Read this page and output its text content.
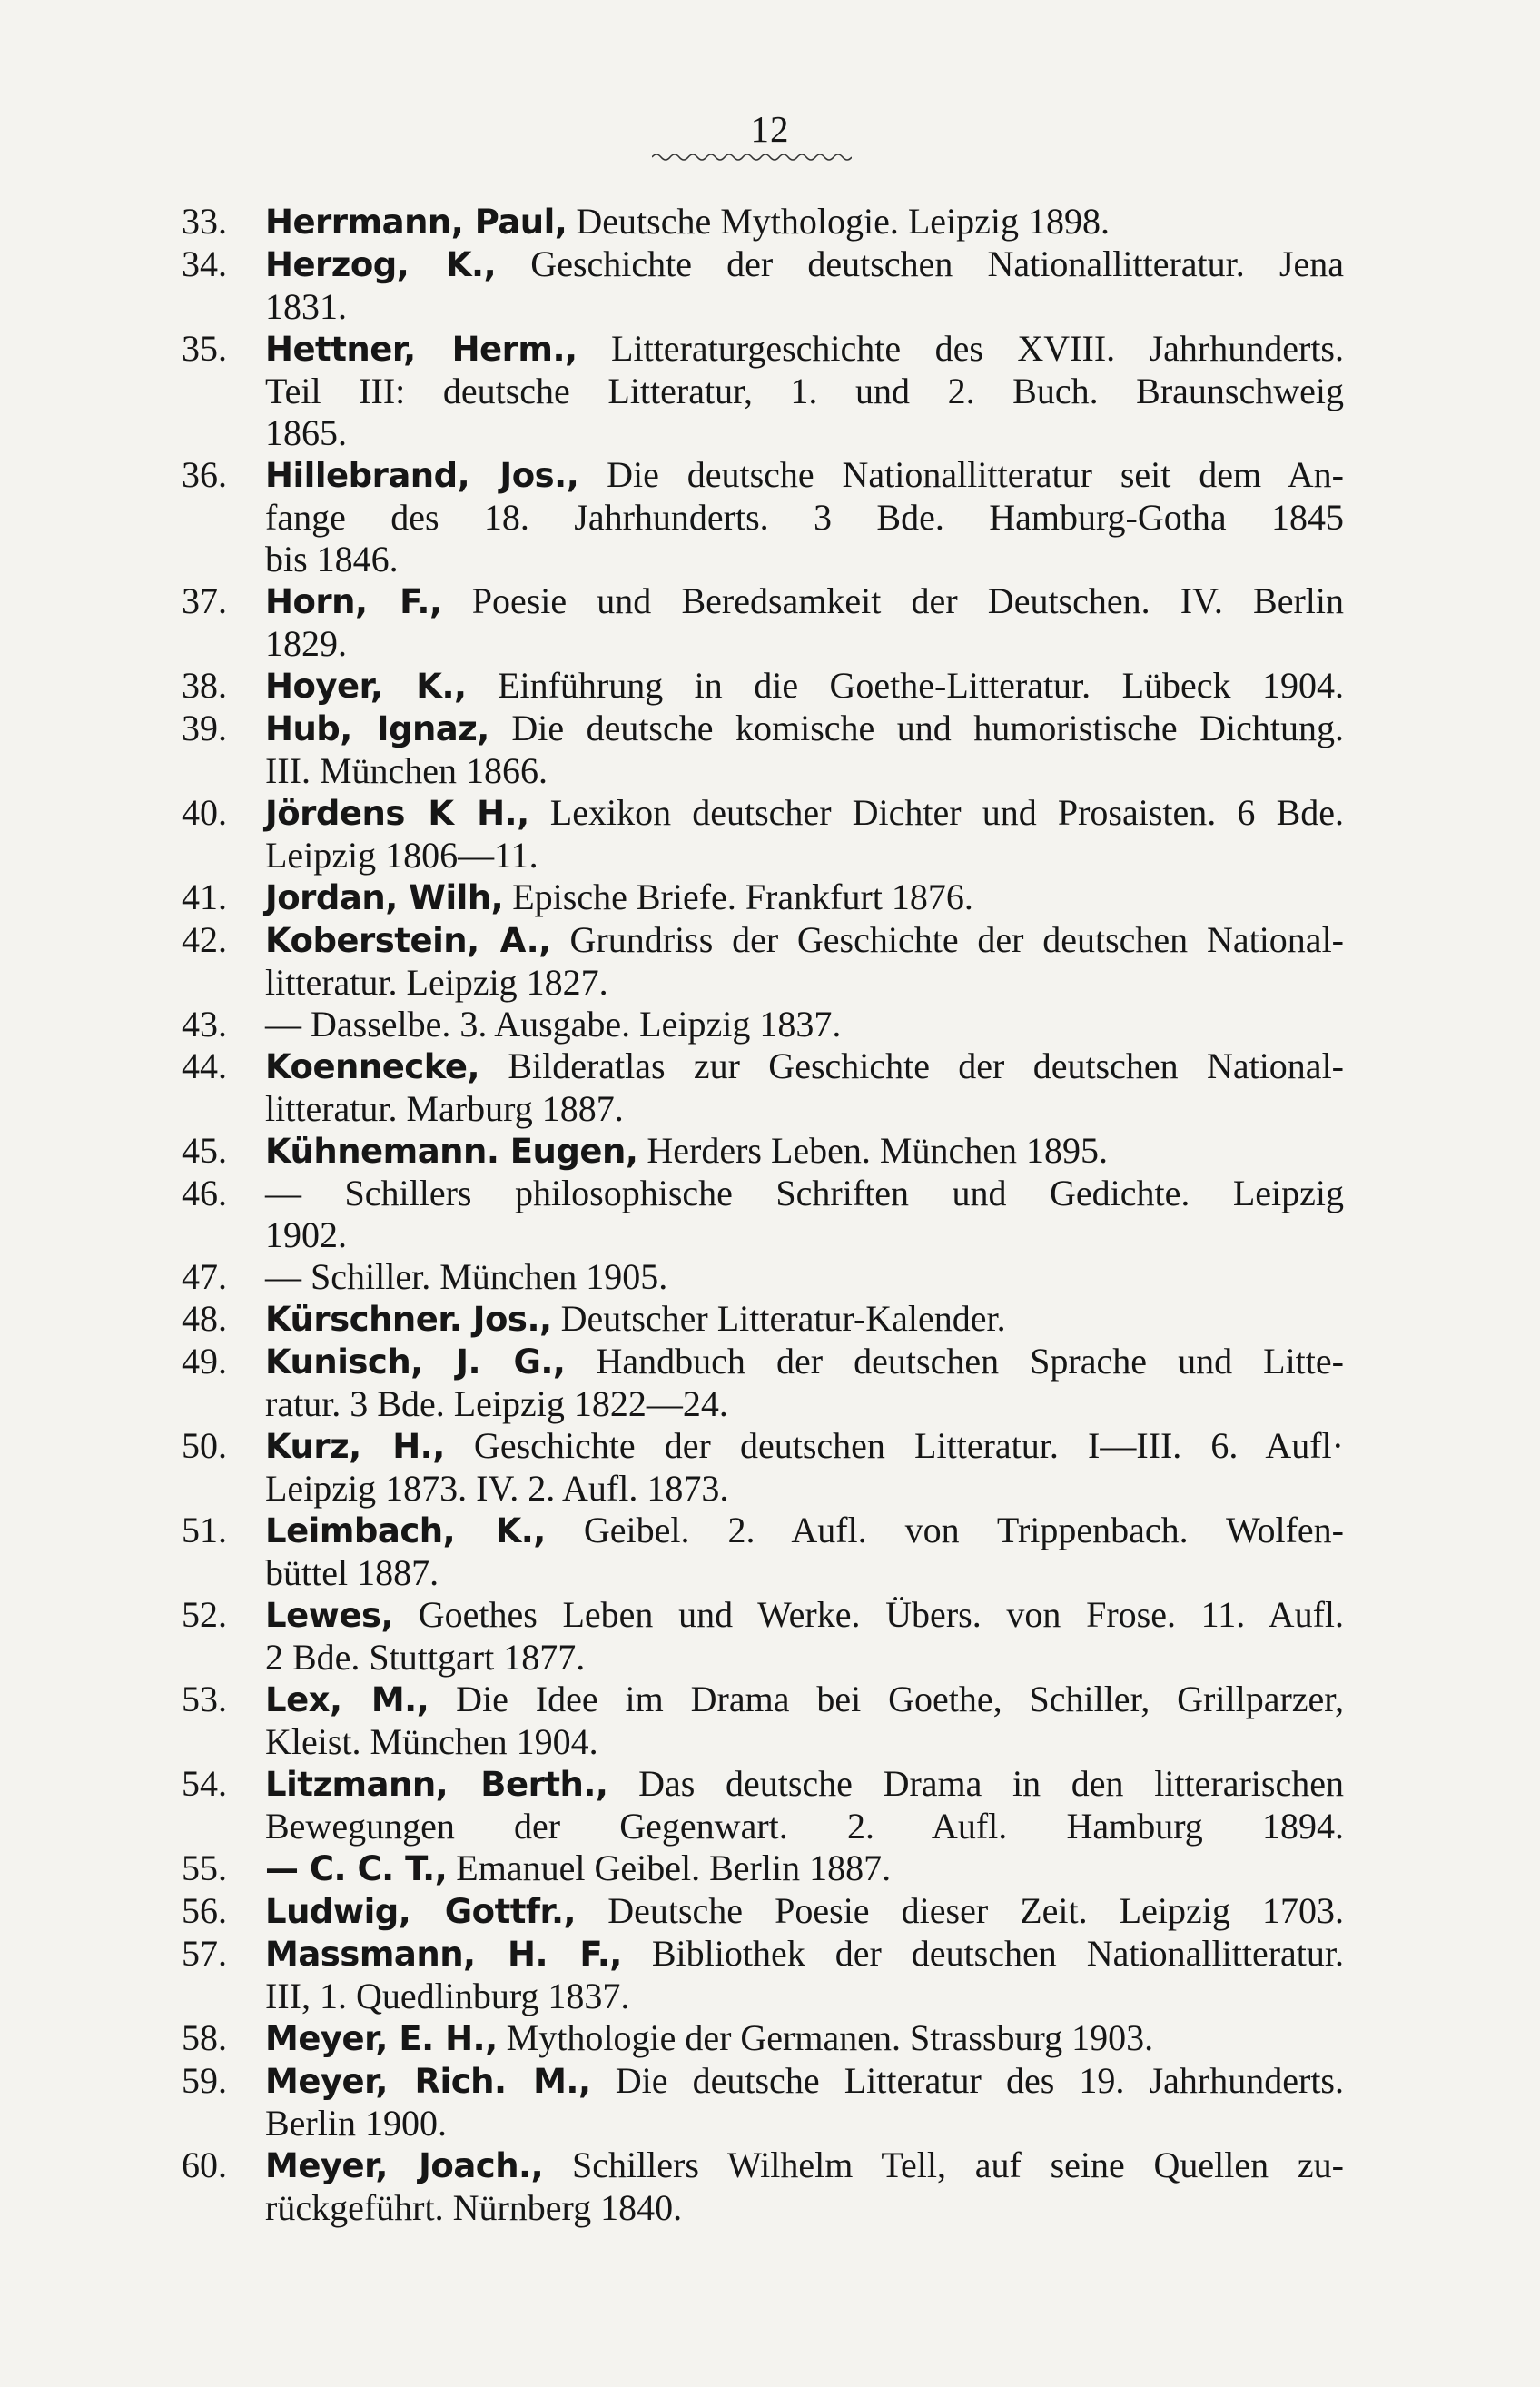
12
33.	Herrmann, Paul, Deutsche Mythologie. Leipzig 1898.
34.	Herzog, K., Geschichte der deutschen Nationallitteratur. Jena
1831.
35.	Hettner, Herm., Litteraturgeschichte des XVIII. Jahrhunderts.
Teil III: deutsche Litteratur, 1. und 2. Buch. Braunschweig
1865.
36.	Hillebrand, Jos., Die deutsche Nationallitteratur seit dem An-
fange des 18. Jahrhunderts. 3 Bde. Hamburg-Gotha 1845
bis 1846.
37.	Horn, F., Poesie und Beredsamkeit der Deutschen. IV. Berlin
1829.
38.	Hoyer, K., Einführung in die Goethe-Litteratur. Lübeck 1904.
39.	Hub, Ignaz, Die deutsche komische und humoristische Dichtung.
III. München 1866.
40.	Jördens K H., Lexikon deutscher Dichter und Prosaisten. 6 Bde.
Leipzig 1806—11.
41.	Jordan, Wilh, Epische Briefe. Frankfurt 1876.
42.	Koberstein, A., Grundriss der Geschichte der deutschen National-
litteratur. Leipzig 1827.
43.	— Dasselbe. 3. Ausgabe. Leipzig 1837.
44.	Koennecke, Bilderatlas zur Geschichte der deutschen National-
litteratur. Marburg 1887.
45.	Kühnemann. Eugen, Herders Leben. München 1895.
46.	— Schillers philosophische Schriften und Gedichte. Leipzig
1902.
47.	— Schiller. München 1905.
48.	Kürschner. Jos., Deutscher Litteratur-Kalender.
49.	Kunisch, J. G., Handbuch der deutschen Sprache und Litte-
ratur. 3 Bde. Leipzig 1822—24.
50.	Kurz, H., Geschichte der deutschen Litteratur. I—III. 6. Aufl·
Leipzig 1873. IV. 2. Aufl. 1873.
51.	Leimbach, K., Geibel. 2. Aufl. von Trippenbach. Wolfen-
büttel 1887.
52.	Lewes, Goethes Leben und Werke. Übers. von Frose. 11. Aufl.
2 Bde. Stuttgart 1877.
53.	Lex, M., Die Idee im Drama bei Goethe, Schiller, Grillparzer,
Kleist. München 1904.
54.	Litzmann, Berth., Das deutsche Drama in den litterarischen
Bewegungen der Gegenwart. 2. Aufl. Hamburg 1894.
55.	— C. C. T., Emanuel Geibel. Berlin 1887.
56.	Ludwig, Gottfr., Deutsche Poesie dieser Zeit. Leipzig 1703.
57.	Massmann, H. F., Bibliothek der deutschen Nationallitteratur.
III, 1. Quedlinburg 1837.
58.	Meyer, E. H., Mythologie der Germanen. Strassburg 1903.
59.	Meyer, Rich. M., Die deutsche Litteratur des 19. Jahrhunderts.
Berlin 1900.
60.	Meyer, Joach., Schillers Wilhelm Tell, auf seine Quellen zu-
rückgeführt. Nürnberg 1840.
